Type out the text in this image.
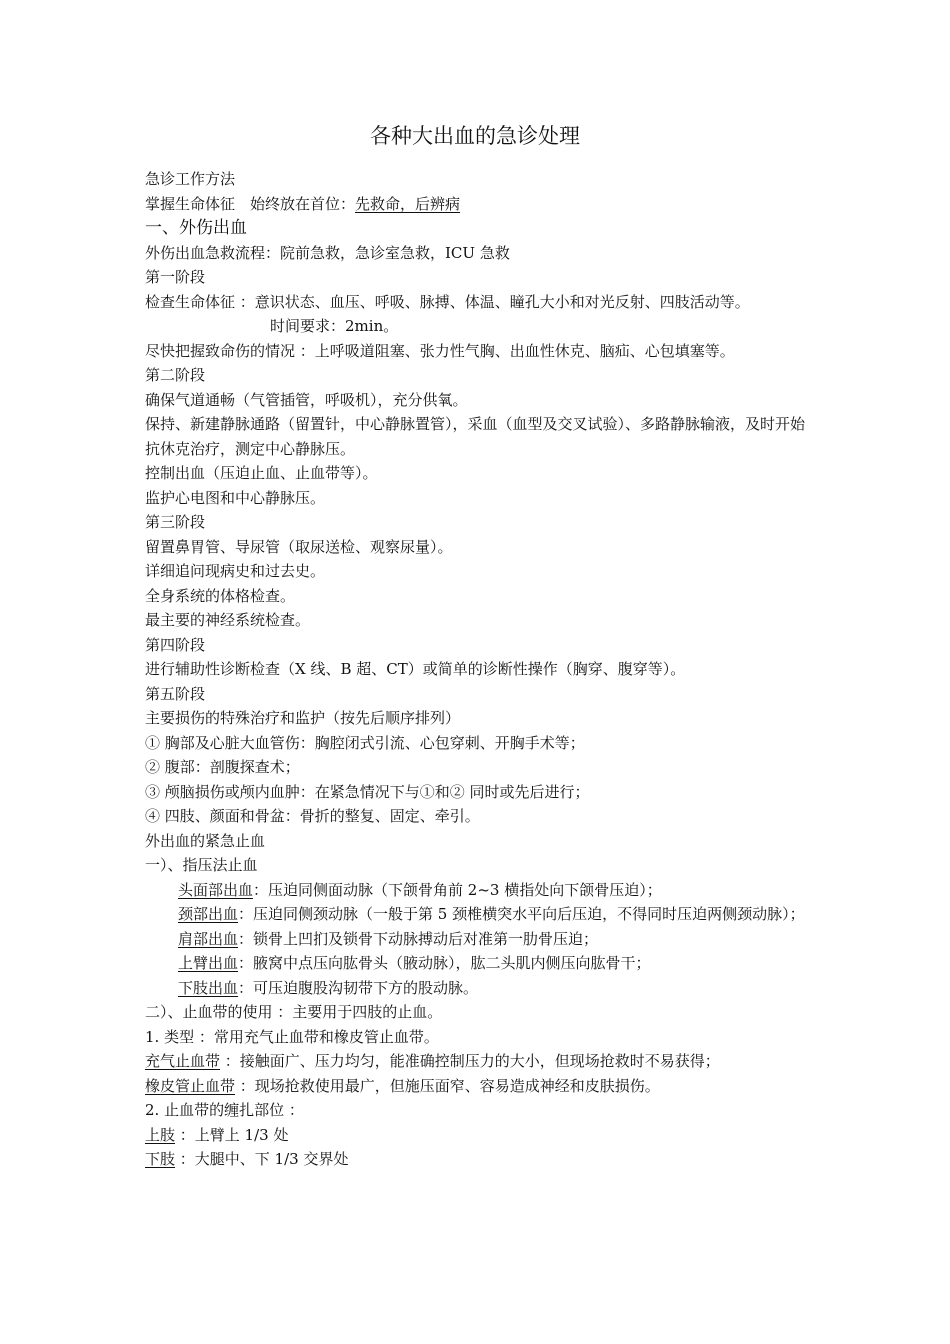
各种大出血的急诊处理
急诊工作方法
掌握生命体征　始终放在首位：先救命，后辨病
一、外伤出血
外伤出血急救流程：院前急救，急诊室急救，ICU 急救
第一阶段
检查生命体征 ：意识状态、血压、呼吸、脉搏、体温、瞳孔大小和对光反射、四肢活动等。
时间要求：2min。
尽快把握致命伤的情况 ：上呼吸道阻塞、张力性气胸、出血性休克、脑疝、心包填塞等。
第二阶段
确保气道通畅（气管插管，呼吸机），充分供氧。
保持、新建静脉通路（留置针，中心静脉置管），采血（血型及交叉试验）、多路静脉输液，及时开始抗休克治疗，测定中心静脉压。
控制出血（压迫止血、止血带等）。
监护心电图和中心静脉压。
第三阶段
留置鼻胃管、导尿管（取尿送检、观察尿量）。
详细追问现病史和过去史。
全身系统的体格检查。
最主要的神经系统检查。
第四阶段
进行辅助性诊断检查（X 线、B 超、CT）或简单的诊断性操作（胸穿、腹穿等）。
第五阶段
主要损伤的特殊治疗和监护（按先后顺序排列）
① 胸部及心脏大血管伤：胸腔闭式引流、心包穿刺、开胸手术等；
② 腹部：剖腹探查术；
③ 颅脑损伤或颅内血肿：在紧急情况下与①和② 同时或先后进行；
④ 四肢、颜面和骨盆：骨折的整复、固定、牵引。
外出血的紧急止血
一）、指压法止血
头面部出血：压迫同侧面动脉（下颌骨角前 2~3 横指处向下颌骨压迫）；
颈部出血：压迫同侧颈动脉（一般于第 5 颈椎横突水平向后压迫，不得同时压迫两侧颈动脉）；
肩部出血：锁骨上凹扪及锁骨下动脉搏动后对准第一肋骨压迫；
上臂出血：腋窝中点压向肱骨头（腋动脉），肱二头肌内侧压向肱骨干；
下肢出血：可压迫腹股沟韧带下方的股动脉。
二）、止血带的使用 ：主要用于四肢的止血。
1. 类型 ：常用充气止血带和橡皮管止血带。
充气止血带 ：接触面广、压力均匀，能准确控制压力的大小，但现场抢救时不易获得；
橡皮管止血带 ：现场抢救使用最广，但施压面窄、容易造成神经和皮肤损伤。
2. 止血带的缠扎部位 ：
上肢 ：上臂上 1/3 处
下肢 ：大腿中、下 1/3 交界处
